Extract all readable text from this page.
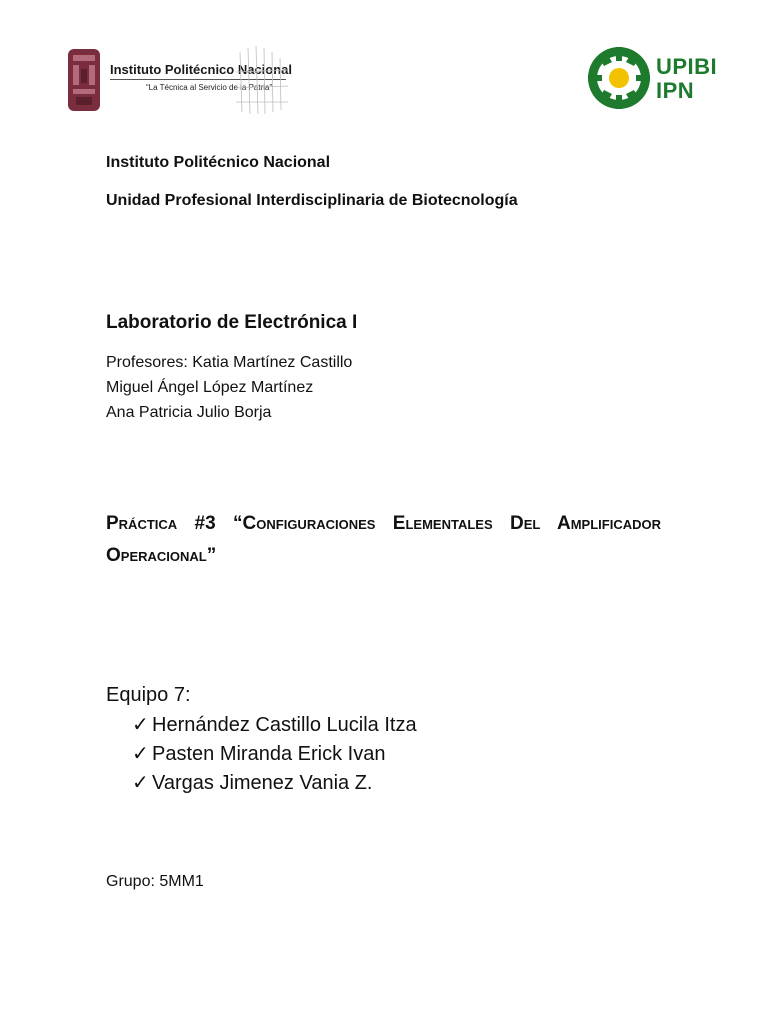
Instituto Politécnico Nacional
“La Técnica al Servicio de la Patria”
UPIBI
IPN
Instituto Politécnico Nacional
Unidad Profesional Interdisciplinaria de Biotecnología
Laboratorio de Electrónica I
Profesores: Katia Martínez Castillo
Miguel Ángel López Martínez
Ana Patricia Julio Borja
Práctica #3 “Configuraciones Elementales Del Amplificador Operacional”
Equipo 7:
✓ Hernández Castillo Lucila Itza
✓ Pasten Miranda Erick Ivan
✓ Vargas Jimenez Vania Z.
Grupo: 5MM1
